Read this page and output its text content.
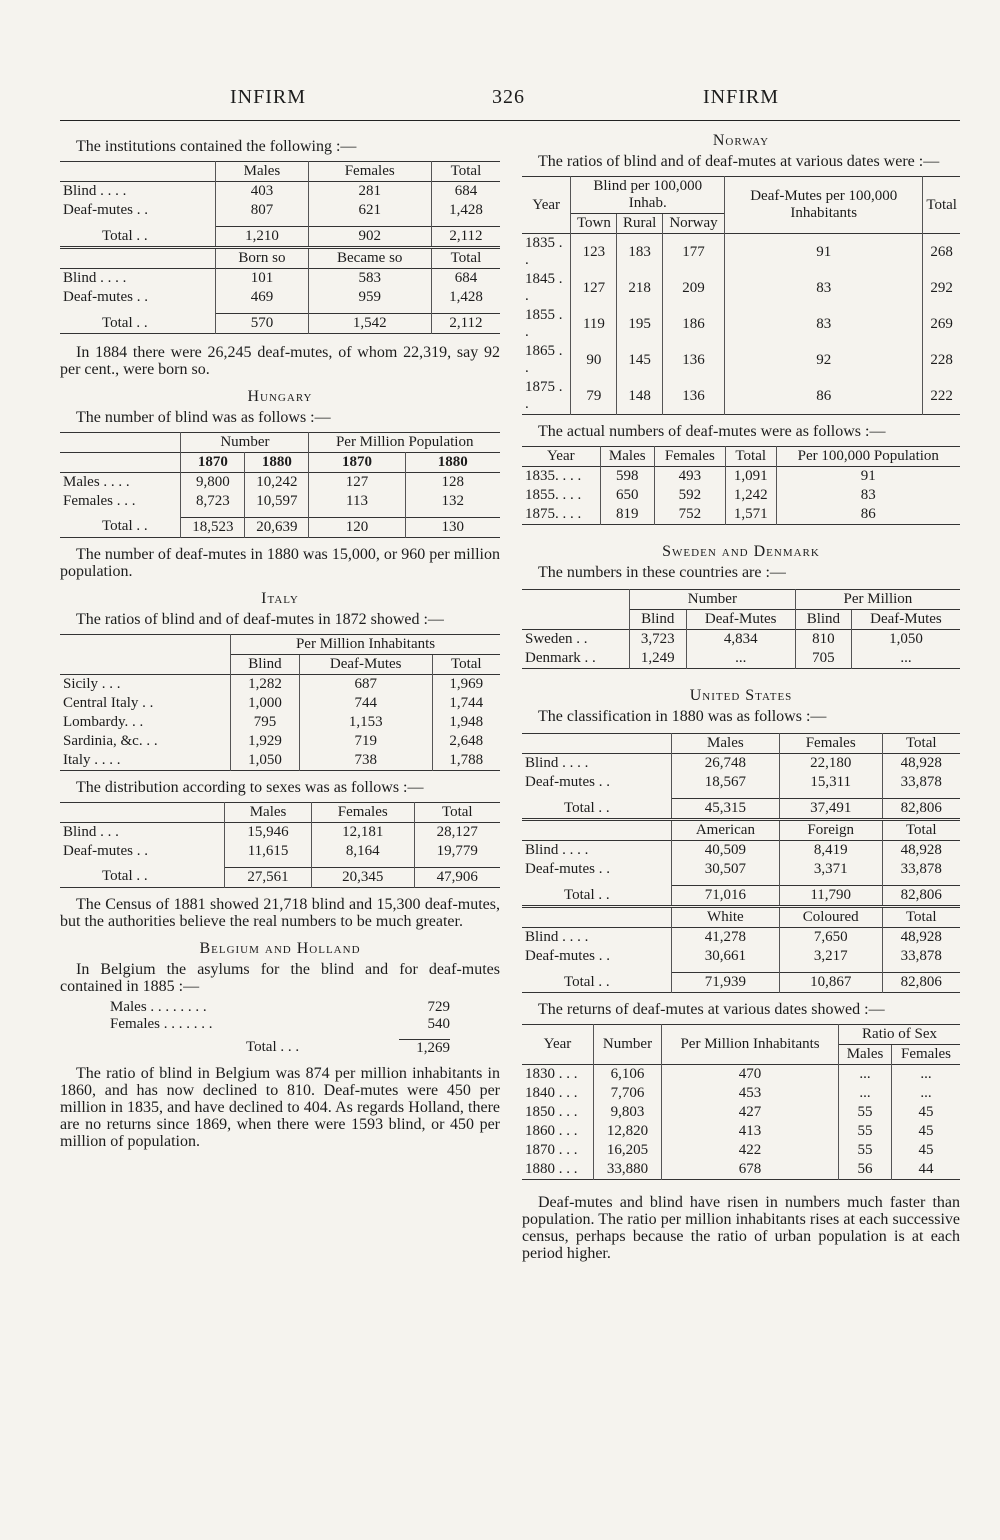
INFIRM	326	INFIRM

The institutions contained the following :—

	Males	Females	Total
Blind . . . .	403	281	684
Deaf-mutes . .	807	621	1,428

Total . .	1,210	902	2,112
	Born so	Became so	Total
Blind . . . .	101	583	684
Deaf-mutes . .	469	959	1,428

Total . .	570	1,542	2,112

In 1884 there were 26,245 deaf-mutes, of whom 22,319, say 92 per cent., were born so.

Hungary

The number of blind was as follows :—

	Number		Per Million Population	

	1870	1880	1870	1880
Males . . . .	9,800	10,242	127	128
Females . . .	8,723	10,597	113	132

Total . .	18,523	20,639	120	130

The number of deaf-mutes in 1880 was 15,000, or 960 per million population.

Italy

The ratios of blind and of deaf-mutes in 1872 showed :—

	Per Million Inhabitants		
	Blind	Deaf-Mutes	Total
Sicily . . .	1,282	687	1,969
Central Italy . .	1,000	744	1,744
Lombardy. . .	795	1,153	1,948
Sardinia, &c. . .	1,929	719	2,648
Italy . . . .	1,050	738	1,788

The distribution according to sexes was as follows :—

	Males	Females	Total
Blind . . .	15,946	12,181	28,127
Deaf-mutes . .	11,615	8,164	19,779

Total . .	27,561	20,345	47,906

The Census of 1881 showed 21,718 blind and 15,300 deaf-mutes, but the authorities believe the real numbers to be much greater.

Belgium and Holland

In Belgium the asylums for the blind and for deaf-mutes contained in 1885 :—

Males . . . . . . . .	729
Females . . . . . . .	540

Total . . .	1,269

The ratio of blind in Belgium was 874 per million inhabitants in 1860, and has now declined to 810. Deaf-mutes were 450 per million in 1835, and have declined to 404. As regards Holland, there are no returns since 1869, when there were 1593 blind, or 450 per million of population.

Norway

The ratios of blind and of deaf-mutes at various dates were :—

Year	Blind per 100,000 Inhab.			Deaf-Mutes per 100,000 Inhabitants	Total
	Town	Rural	Norway		
1835 . .	123	183	177	91	268
1845 . .	127	218	209	83	292
1855 . .	119	195	186	83	269
1865 . .	90	145	136	92	228
1875 . .	79	148	136	86	222

The actual numbers of deaf-mutes were as follows :—

Year	Males	Females	Total	Per 100,000 Population
1835. . . .	598	493	1,091	91
1855. . . .	650	592	1,242	83
1875. . . .	819	752	1,571	86
Sweden and Denmark

The numbers in these countries are :—

	Number		Per Million	
	Blind	Deaf-Mutes	Blind	Deaf-Mutes
Sweden . .	3,723	4,834	810	1,050
Denmark . .	1,249	...	705	...
United States

The classification in 1880 was as follows :—

	Males	Females	Total
Blind . . . .	26,748	22,180	48,928
Deaf-mutes . .	18,567	15,311	33,878

Total . .	45,315	37,491	82,806
	American	Foreign	Total
Blind . . . .	40,509	8,419	48,928
Deaf-mutes . .	30,507	3,371	33,878

Total . .	71,016	11,790	82,806
	White	Coloured	Total
Blind . . . .	41,278	7,650	48,928
Deaf-mutes . .	30,661	3,217	33,878

Total . .	71,939	10,867	82,806

The returns of deaf-mutes at various dates showed :—

Year	Number	Per Million Inhabitants	Ratio of Sex	
			Males	Females
1830 . . .	6,106	470	...	...
1840 . . .	7,706	453	...	...
1850 . . .	9,803	427	55	45
1860 . . .	12,820	413	55	45
1870 . . .	16,205	422	55	45
1880 . . .	33,880	678	56	44

Deaf-mutes and blind have risen in numbers much faster than population. The ratio per million inhabitants rises at each successive census, perhaps because the ratio of urban population is at each period higher.
